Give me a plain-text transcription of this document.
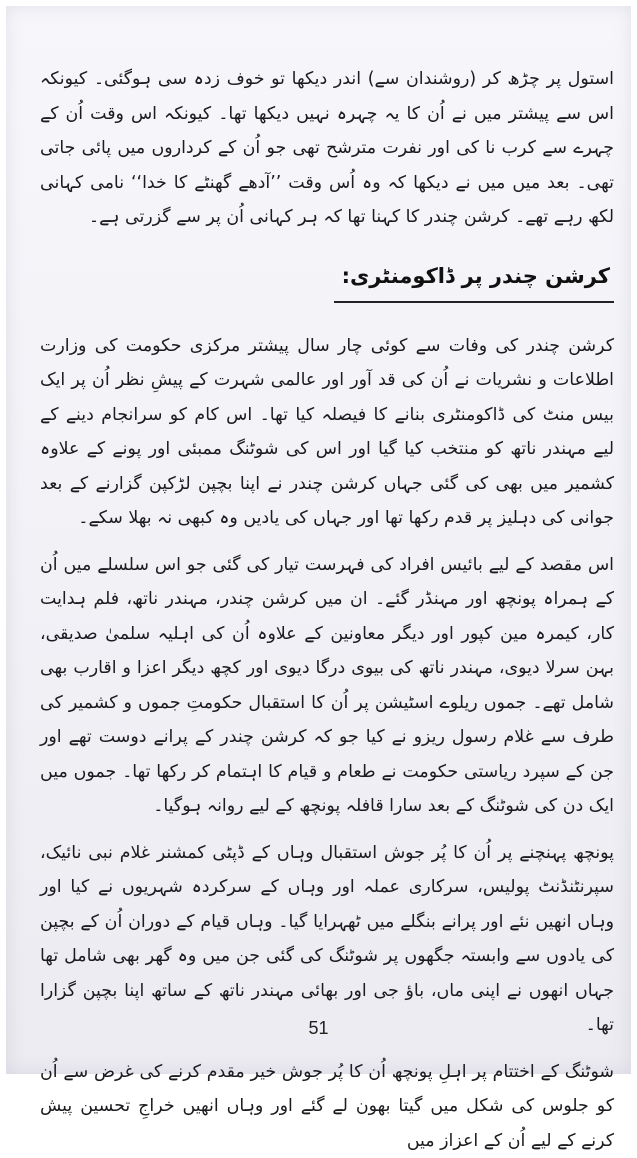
استول پر چڑھ کر (روشندان سے) اندر دیکھا تو خوف زدہ سی ہوگئی۔ کیونکہ اس سے پیشتر میں نے اُن کا یہ چہرہ نہیں دیکھا تھا۔ کیونکہ اس وقت اُن کے چہرے سے کرب نا کی اور نفرت مترشح تھی جو اُن کے کرداروں میں پائی جاتی تھی۔ بعد میں میں نے دیکھا کہ وہ اُس وقت ’’آدھے گھنٹے کا خدا‘‘ نامی کہانی لکھ رہے تھے۔ کرشن چندر کا کہنا تھا کہ ہر کہانی اُن پر سے گزرتی ہے۔

کرشن چندر پر ڈاکومنٹری:

کرشن چندر کی وفات سے کوئی چار سال پیشتر مرکزی حکومت کی وزارت اطلاعات و نشریات نے اُن کی قد آور اور عالمی شہرت کے پیشِ نظر اُن پر ایک بیس منٹ کی ڈاکومنٹری بنانے کا فیصلہ کیا تھا۔ اس کام کو سرانجام دینے کے لیے مہندر ناتھ کو منتخب کیا گیا اور اس کی شوٹنگ ممبئی اور پونے کے علاوہ کشمیر میں بھی کی گئی جہاں کرشن چندر نے اپنا بچپن لڑکپن گزارنے کے بعد جوانی کی دہلیز پر قدم رکھا تھا اور جہاں کی یادیں وہ کبھی نہ بھلا سکے۔

اس مقصد کے لیے بائیس افراد کی فہرست تیار کی گئی جو اس سلسلے میں اُن کے ہمراہ پونچھ اور مہنڈر گئے۔ ان میں کرشن چندر، مہندر ناتھ، فلم ہدایت کار، کیمرہ مین کپور اور دیگر معاونین کے علاوہ اُن کی اہلیہ سلمیٰ صدیقی، بہن سرلا دیوی، مہندر ناتھ کی بیوی درگا دیوی اور کچھ دیگر اعزا و اقارب بھی شامل تھے۔ جموں ریلوے اسٹیشن پر اُن کا استقبال حکومتِ جموں و کشمیر کی طرف سے غلام رسول ریزو نے کیا جو کہ کرشن چندر کے پرانے دوست تھے اور جن کے سپرد ریاستی حکومت نے طعام و قیام کا اہتمام کر رکھا تھا۔ جموں میں ایک دن کی شوٹنگ کے بعد سارا قافلہ پونچھ کے لیے روانہ ہوگیا۔

پونچھ پہنچنے پر اُن کا پُر جوش استقبال وہاں کے ڈپٹی کمشنر غلام نبی نائیک، سپرنٹنڈنٹ پولیس، سرکاری عملہ اور وہاں کے سرکردہ شہریوں نے کیا اور وہاں انھیں نئے اور پرانے بنگلے میں ٹھہرایا گیا۔ وہاں قیام کے دوران اُن کے بچپن کی یادوں سے وابستہ جگھوں پر شوٹنگ کی گئی جن میں وہ گھر بھی شامل تھا جہاں انھوں نے اپنی ماں، باؤ جی اور بھائی مہندر ناتھ کے ساتھ اپنا بچپن گزارا تھا۔

شوٹنگ کے اختتام پر اہلِ پونچھ اُن کا پُر جوش خیر مقدم کرنے کی غرض سے اُن کو جلوس کی شکل میں گیتا بھون لے گئے اور وہاں انھیں خراجِ تحسین پیش کرنے کے لیے اُن کے اعزاز میں

51
